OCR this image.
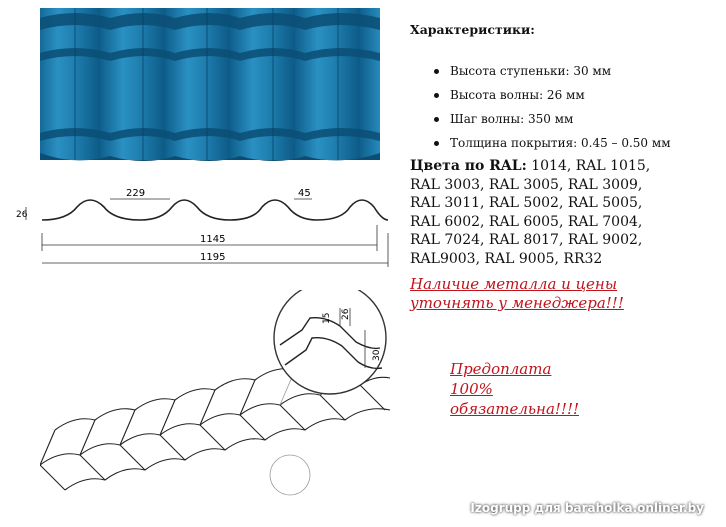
26
229	45
1145
1195
15 26
30
Характеристики:
Высота ступеньки: 30 мм
Высота волны: 26 мм
Шаг волны: 350 мм
Толщина покрытия: 0.45 – 0.50 мм
Цвета по RAL: 1014, RAL 1015,
RAL 3003, RAL 3005, RAL 3009,
RAL 3011, RAL 5002, RAL 5005,
RAL 6002, RAL 6005, RAL 7004,
RAL 7024, RAL 8017, RAL 9002,
RAL9003, RAL 9005, RR32
Наличие металла и цены
уточнять у менеджера!!!
Предоплата
100%
обязательна!!!!
Izogrupp для baraholka.onliner.by
